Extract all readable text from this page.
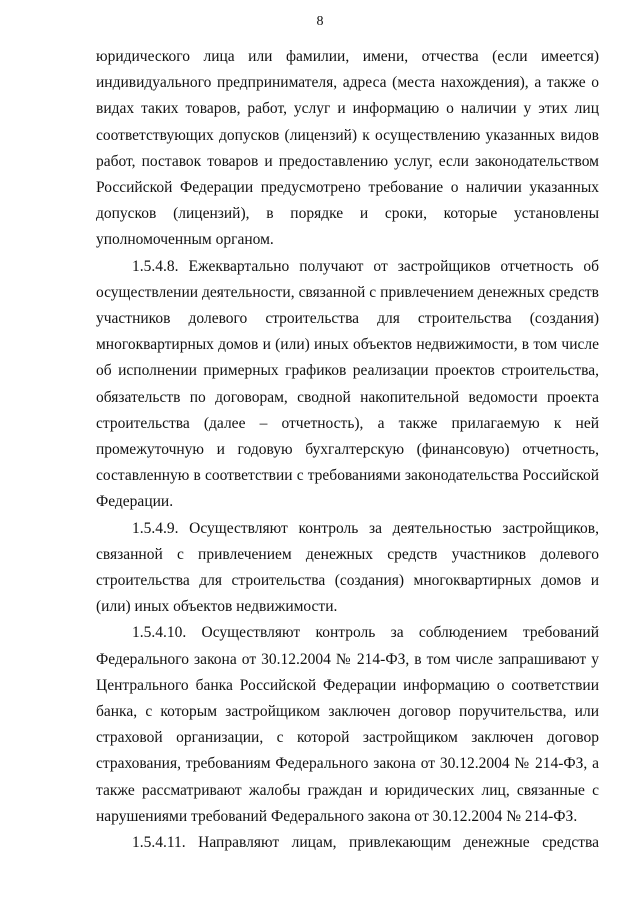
8

юридического лица или фамилии, имени, отчества (если имеется) индивидуального предпринимателя, адреса (места нахождения), а также о видах таких товаров, работ, услуг и информацию о наличии у этих лиц соответствующих допусков (лицензий) к осуществлению указанных видов работ, поставок товаров и предоставлению услуг, если законодательством Российской Федерации предусмотрено требование о наличии указанных допусков (лицензий), в порядке и сроки, которые установлены уполномоченным органом.

1.5.4.8. Ежеквартально получают от застройщиков отчетность об осуществлении деятельности, связанной с привлечением денежных средств участников долевого строительства для строительства (создания) многоквартирных домов и (или) иных объектов недвижимости, в том числе об исполнении примерных графиков реализации проектов строительства, обязательств по договорам, сводной накопительной ведомости проекта строительства (далее – отчетность), а также прилагаемую к ней промежуточную и годовую бухгалтерскую (финансовую) отчетность, составленную в соответствии с требованиями законодательства Российской Федерации.

1.5.4.9. Осуществляют контроль за деятельностью застройщиков, связанной с привлечением денежных средств участников долевого строительства для строительства (создания) многоквартирных домов и (или) иных объектов недвижимости.

1.5.4.10. Осуществляют контроль за соблюдением требований Федерального закона от 30.12.2004 № 214-ФЗ, в том числе запрашивают у Центрального банка Российской Федерации информацию о соответствии банка, с которым застройщиком заключен договор поручительства, или страховой организации, с которой застройщиком заключен договор страхования, требованиям Федерального закона от 30.12.2004 № 214-ФЗ, а также рассматривают жалобы граждан и юридических лиц, связанные с нарушениями требований Федерального закона от 30.12.2004 № 214-ФЗ.

1.5.4.11. Направляют лицам, привлекающим денежные средства
